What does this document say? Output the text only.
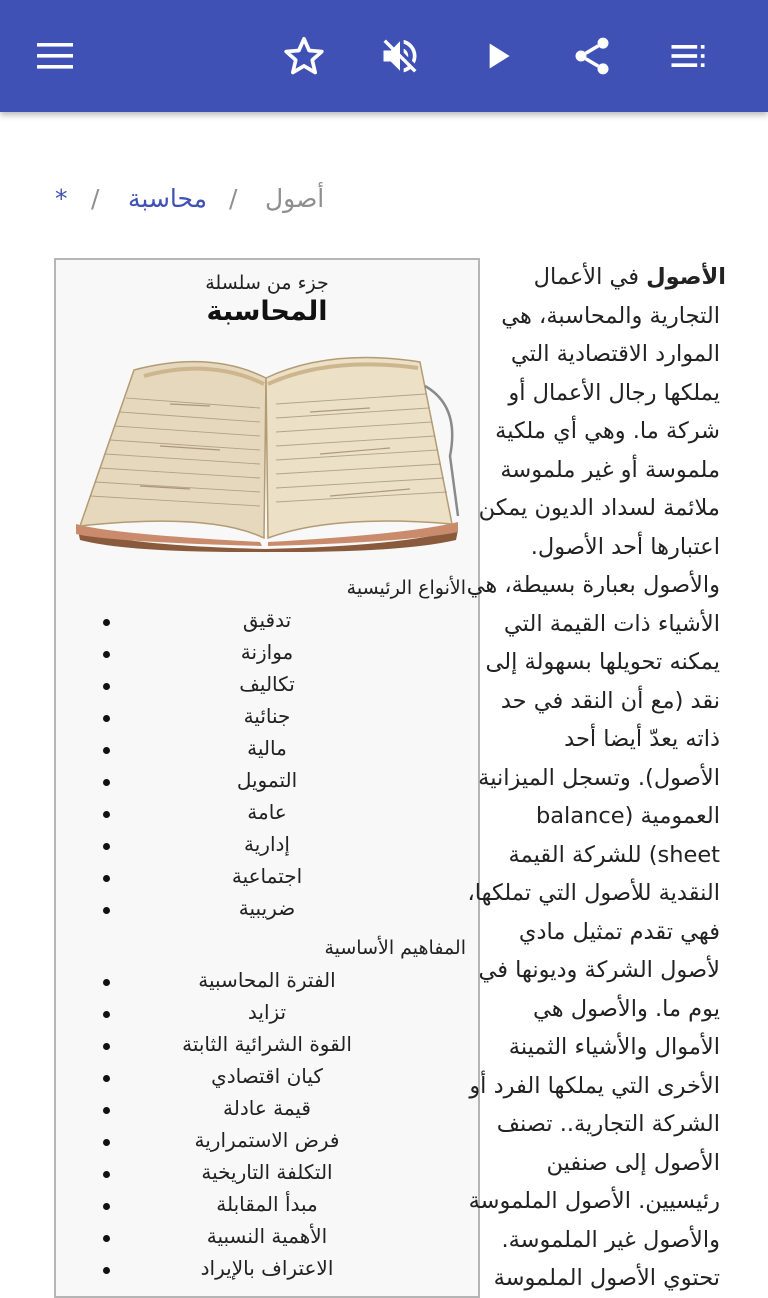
أصول
/
محاسبة
/
*
جزء من سلسلة
المحاسبة
الأنواع الرئيسية
تدقيق
موازنة
تكاليف
جنائية
مالية
التمويل
عامة
إدارية
اجتماعية
ضريبية
المفاهيم الأساسية
الفترة المحاسبية
تزايد
القوة الشرائية الثابتة
كيان اقتصادي
قيمة عادلة
فرض الاستمرارية
التكلفة التاريخية
مبدأ المقابلة
الأهمية النسبية
الاعتراف بالإيراد
الأصول في الأعمال
التجارية والمحاسبة، هي
الموارد الاقتصادية التي
يملكها رجال الأعمال أو
شركة ما. وهي أي ملكية
ملموسة أو غير ملموسة
ملائمة لسداد الديون يمكن
اعتبارها أحد الأصول.
والأصول بعبارة بسيطة، هي
الأشياء ذات القيمة التي
يمكنه تحويلها بسهولة إلى
نقد (مع أن النقد في حد
ذاته يعدّ أيضا أحد
الأصول). وتسجل الميزانية
العمومية (balance
sheet) للشركة القيمة
النقدية للأصول التي تملكها،
فهي تقدم تمثيل مادي
لأصول الشركة وديونها في
يوم ما. والأصول هي
الأموال والأشياء الثمينة
الأخرى التي يملكها الفرد أو
الشركة التجارية.. تصنف
الأصول إلى صنفين
رئيسيين. الأصول الملموسة
والأصول غير الملموسة.
تحتوي الأصول الملموسة
